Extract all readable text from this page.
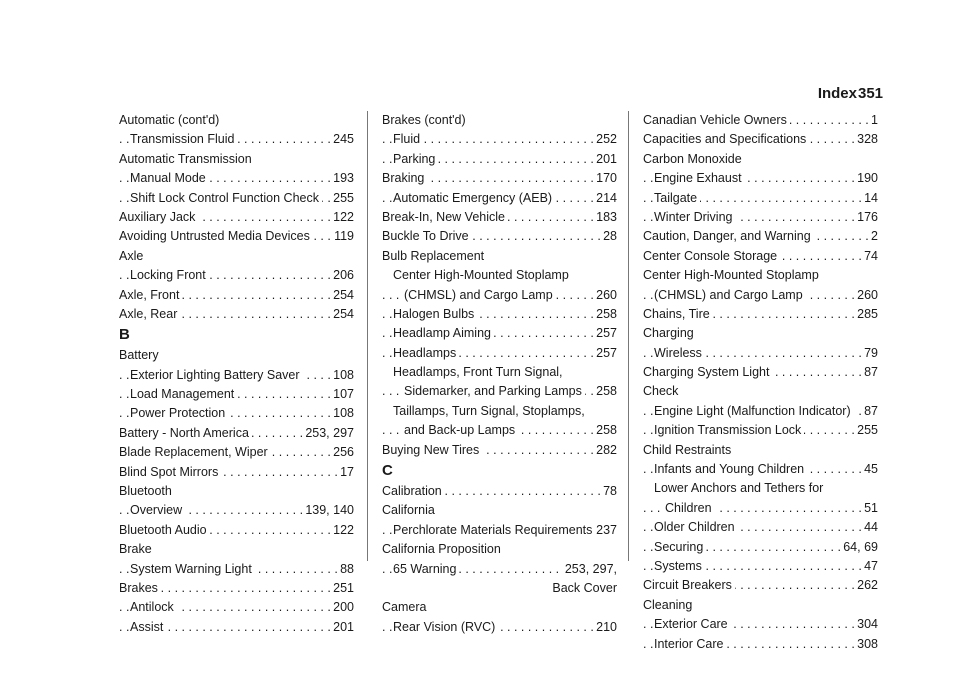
Index 351
Automatic (cont'd)
Transmission Fluid	245
. . .
Automatic Transmission
Manual Mode	193
. . .
Shift Lock Control Function Check 255
. . .
Auxiliary Jack	122
. . .
Avoiding Untrusted Media Devices 119
. . .
Axle
Locking Front	206
. . .
Axle, Front	254
. . .
Axle, Rear	254
. . .
B
Battery
Exterior Lighting Battery Saver	108
. . .
Load Management	107
. . .
Power Protection	108
. . .
Battery - North America	253, 297
. . .
Blade Replacement, Wiper	256
. . .
Blind Spot Mirrors	17
. . .
Bluetooth
Overview	139, 140
. . .
Bluetooth Audio	122
. . .
Brake
System Warning Light	88
. . .
Brakes	251
. . .
Antilock	200
. . .
Assist	201
. . .
Brakes (cont'd)
Fluid	252
. . .
Parking	201
. . .
Braking	170
. . .
Automatic Emergency (AEB)	214
. . .
Break-In, New Vehicle	183
. . .
Buckle To Drive	28
. . .
Bulb Replacement
Center High-Mounted Stoplamp
(CHMSL) and Cargo Lamp	260
. . .
Halogen Bulbs	258
. . .
Headlamp Aiming	257
. . .
Headlamps	257
. . .
Headlamps, Front Turn Signal,
Sidemarker, and Parking Lamps 258
. . .
Taillamps, Turn Signal, Stoplamps,
and Back-up Lamps	258
. . .
Buying New Tires	282
. . .
C
Calibration	78
. . .
California
Perchlorate Materials Requirements 237
. . .
California Proposition
65 Warning	253, 297,
. . .
Back Cover
Camera
Rear Vision (RVC)	210
. . .
Canadian Vehicle Owners	1
. . .
Capacities and Specifications	328
. . .
Carbon Monoxide
Engine Exhaust	190
. . .
Tailgate	14
. . .
Winter Driving	176
. . .
Caution, Danger, and Warning	2
. . .
Center Console Storage	74
. . .
Center High-Mounted Stoplamp
(CHMSL) and Cargo Lamp	260
. . .
Chains, Tire	285
. . .
Charging
Wireless	79
. . .
Charging System Light	87
. . .
Check
Engine Light (Malfunction Indicator) 87
. . .
Ignition Transmission Lock	255
. . .
Child Restraints
Infants and Young Children	45
. . .
Lower Anchors and Tethers for
Children	51
. . .
Older Children	44
. . .
Securing	64, 69
. . .
Systems	47
. . .
Circuit Breakers	262
. . .
Cleaning
Exterior Care	304
. . .
Interior Care	308
. . .
